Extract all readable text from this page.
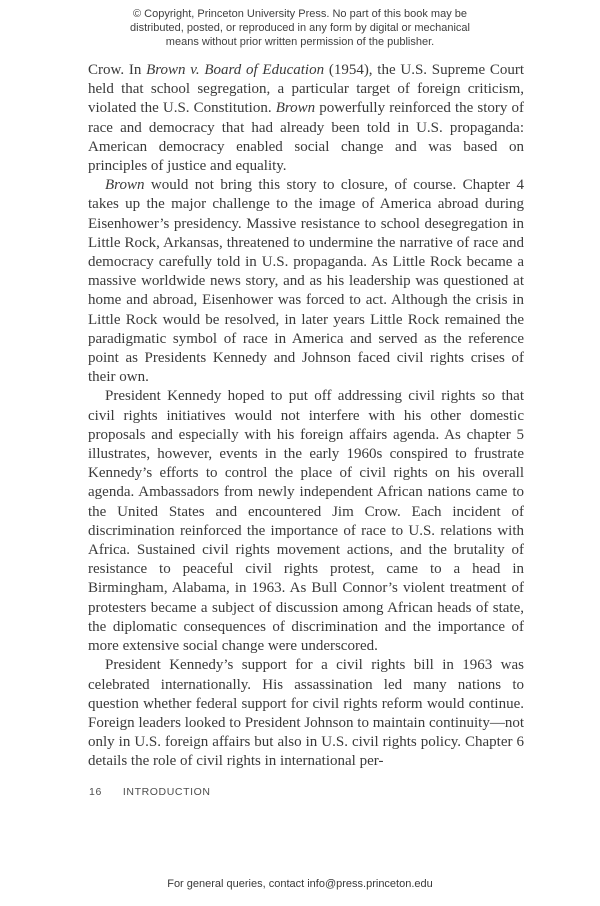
© Copyright, Princeton University Press. No part of this book may be
distributed, posted, or reproduced in any form by digital or mechanical
means without prior written permission of the publisher.

Crow. In Brown v. Board of Education (1954), the U.S. Supreme Court held that school segregation, a particular target of foreign criticism, violated the U.S. Constitution. Brown powerfully reinforced the story of race and democracy that had already been told in U.S. propaganda: American democracy enabled social change and was based on principles of justice and equality.

Brown would not bring this story to closure, of course. Chapter 4 takes up the major challenge to the image of America abroad during Eisenhower’s presidency. Massive resistance to school desegregation in Little Rock, Arkansas, threatened to undermine the narrative of race and democracy carefully told in U.S. propaganda. As Little Rock became a massive worldwide news story, and as his leadership was questioned at home and abroad, Eisenhower was forced to act. Although the crisis in Little Rock would be resolved, in later years Little Rock remained the paradigmatic symbol of race in America and served as the reference point as Presidents Kennedy and Johnson faced civil rights crises of their own.

President Kennedy hoped to put off addressing civil rights so that civil rights initiatives would not interfere with his other domestic proposals and especially with his foreign affairs agenda. As chapter 5 illustrates, however, events in the early 1960s conspired to frustrate Kennedy’s efforts to control the place of civil rights on his overall agenda. Ambassadors from newly independent African nations came to the United States and encountered Jim Crow. Each incident of discrimination reinforced the importance of race to U.S. relations with Africa. Sustained civil rights movement actions, and the brutality of resistance to peaceful civil rights protest, came to a head in Birmingham, Alabama, in 1963. As Bull Connor’s violent treatment of protesters became a subject of discussion among African heads of state, the diplomatic consequences of discrimination and the importance of more extensive social change were underscored.

President Kennedy’s support for a civil rights bill in 1963 was celebrated internationally. His assassination led many nations to question whether federal support for civil rights reform would continue. Foreign leaders looked to President Johnson to maintain continuity—not only in U.S. foreign affairs but also in U.S. civil rights policy. Chapter 6 details the role of civil rights in international per-

16 INTRODUCTION
For general queries, contact info@press.princeton.edu
